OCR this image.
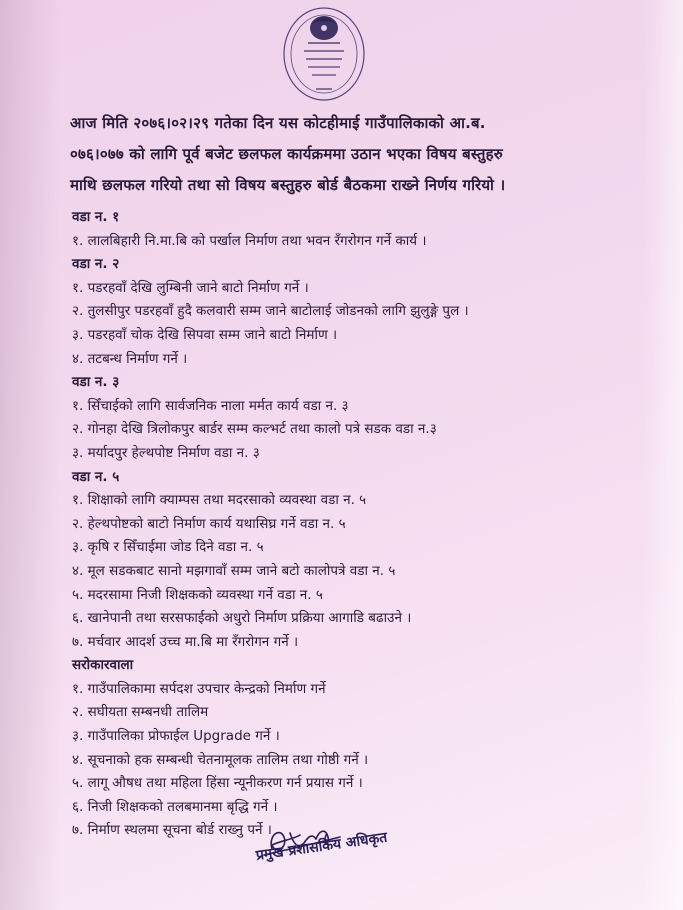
आज मिति २०७६।०२।२९ गतेका दिन यस कोटहीमाई गाउँपालिकाको आ.ब.
०७६।०७७ को लागि पूर्व बजेट छलफल कार्यक्रममा उठान भएका विषय बस्तुहरु
माथि छलफल गरियो तथा सो विषय बस्तुहरु बोर्ड बैठकमा राख्ने निर्णय गरियो ।
वडा न. १
१. लालबिहारी नि.मा.बि को पर्खाल निर्माण तथा भवन रँगरोगन गर्ने कार्य ।
वडा न. २
१. पडरहवाँ देखि लुम्बिनी जाने बाटो निर्माण गर्ने ।
२. तुलसीपुर पडरहवाँ हुदै कलवारी सम्म जाने बाटोलाई जोडनको लागि झुलुङ्गे पुल ।
३. पडरहवाँ चोक देखि सिपवा सम्म जाने बाटो निर्माण ।
४. तटबन्ध निर्माण गर्ने ।
वडा न. ३
१. सिँचाईको लागि सार्वजनिक नाला मर्मत कार्य वडा न. ३
२. गोनहा देखि त्रिलोकपुर बार्डर सम्म कल्भर्ट तथा कालो पत्रे सडक वडा न.३
३. मर्यादपुर हेल्थपोष्ट निर्माण वडा न. ३
वडा न. ५
१. शिक्षाको लागि क्याम्पस तथा मदरसाको व्यवस्था वडा न. ५
२. हेल्थपोष्टको बाटो निर्माण कार्य यथासिघ्र गर्ने वडा न. ५
३. कृषि र सिँचाईमा जोड दिने वडा न. ५
४. मूल सडकबाट सानो मझगावाँ सम्म जाने बटो कालोपत्रे वडा न. ५
५. मदरसामा निजी शिक्षकको व्यवस्था गर्ने वडा न. ५
६. खानेपानी तथा सरसफाईको अधुरो निर्माण प्रक्रिया आगाडि बढाउने ।
७. मर्चवार आदर्श उच्च मा.बि मा रँगरोगन गर्ने ।
सरोकारवाला
१. गाउँपालिकामा सर्पदश उपचार केन्द्रको निर्माण गर्ने
२. सघीयता सम्बनधी तालिम
३. गाउँपालिका प्रोफाईल Upgrade गर्ने ।
४. सूचनाको हक सम्बन्धी चेतनामूलक तालिम तथा गोष्ठी गर्ने ।
५. लागू औषध तथा महिला हिंसा न्यूनीकरण गर्न प्रयास गर्ने ।
६. निजी शिक्षकको तलबमानमा बृद्धि गर्ने ।
७. निर्माण स्थलमा सूचना बोर्ड राख्नु पर्ने ।
प्रमुख प्रशासकिय अधिकृत
